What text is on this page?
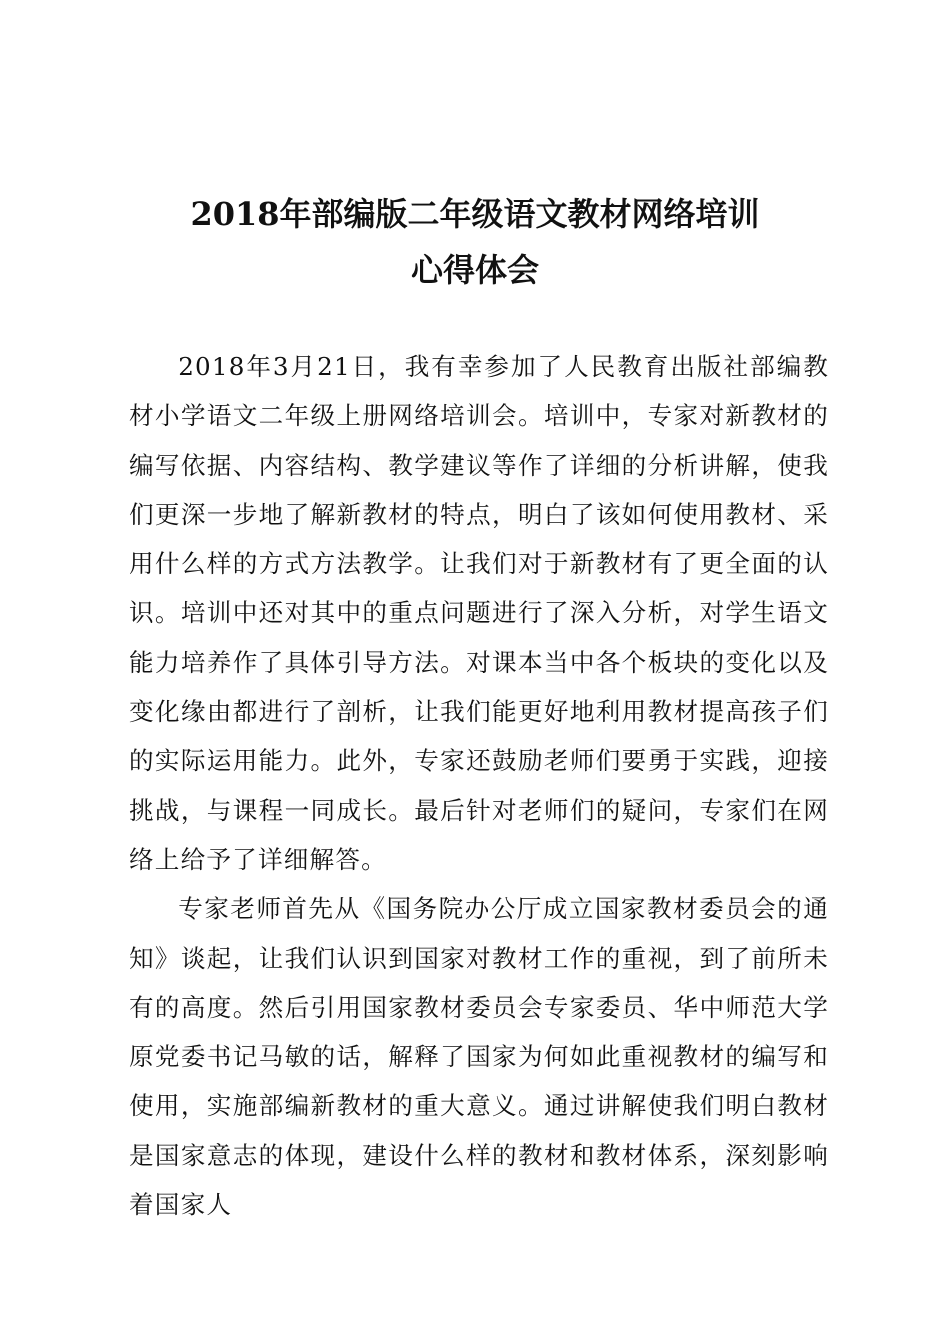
2018年部编版二年级语文教材网络培训
心得体会

2018年3月21日，我有幸参加了人民教育出版社部编教材小学语文二年级上册网络培训会。培训中，专家对新教材的编写依据、内容结构、教学建议等作了详细的分析讲解，使我们更深一步地了解新教材的特点，明白了该如何使用教材、采用什么样的方式方法教学。让我们对于新教材有了更全面的认识。培训中还对其中的重点问题进行了深入分析，对学生语文能力培养作了具体引导方法。对课本当中各个板块的变化以及变化缘由都进行了剖析，让我们能更好地利用教材提高孩子们的实际运用能力。此外，专家还鼓励老师们要勇于实践，迎接挑战，与课程一同成长。最后针对老师们的疑问，专家们在网络上给予了详细解答。

专家老师首先从《国务院办公厅成立国家教材委员会的通知》谈起，让我们认识到国家对教材工作的重视，到了前所未有的高度。然后引用国家教材委员会专家委员、华中师范大学原党委书记马敏的话，解释了国家为何如此重视教材的编写和使用，实施部编新教材的重大意义。通过讲解使我们明白教材是国家意志的体现，建设什么样的教材和教材体系，深刻影响着国家人
